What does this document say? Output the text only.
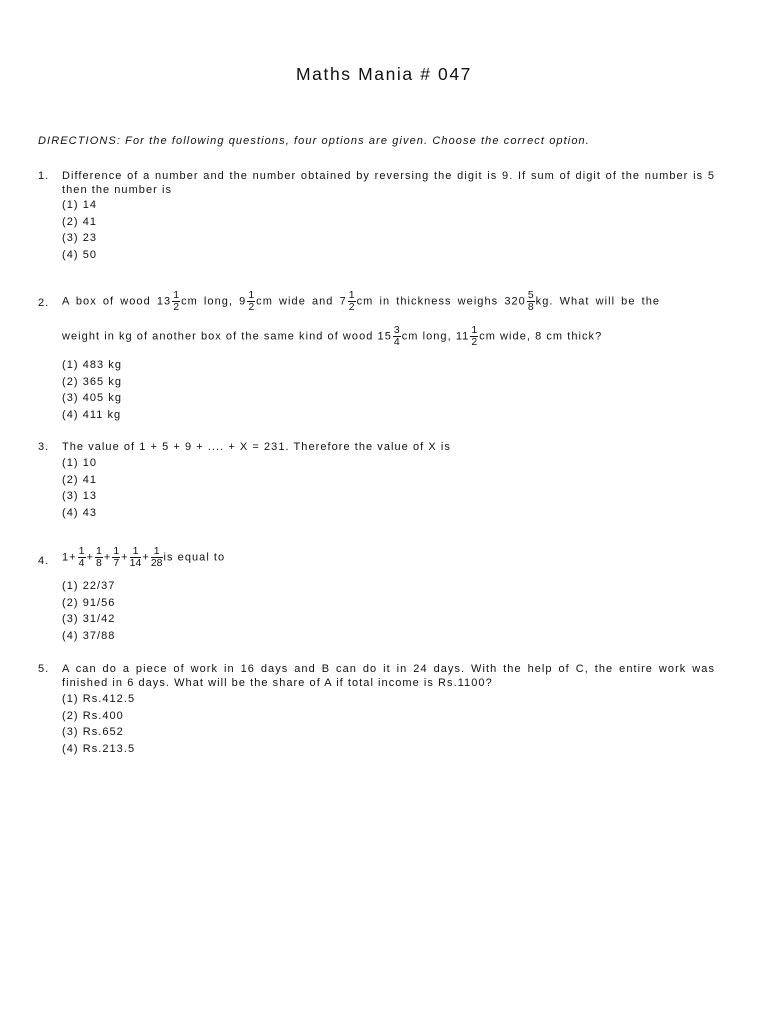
Maths Mania # 047
DIRECTIONS: For the following questions, four options are given. Choose the correct option.
1. Difference of a number and the number obtained by reversing the digit is 9. If sum of digit of the number is 5 then the number is
(1) 14
(2) 41
(3) 23
(4) 50
2. A box of wood $13 \frac{1}{2}$ cm long, $9 \frac{1}{2}$ cm wide and $7 \frac{1}{2}$ cm in thickness weighs $320 \frac{5}{8}$ kg. What will be the
weight in kg of another box of the same kind of wood $15 \frac{3}{4}$ cm long, $11 \frac{1}{2}$ cm wide, 8 cm thick?
(1) 483 kg
(2) 365 kg
(3) 405 kg
(4) 411 kg
3. The value of 1 + 5 + 9 + .... + X = 231. Therefore the value of X is
(1) 10
(2) 41
(3) 13
(4) 43
4. $1+ \frac{1}{4} + \frac{1}{8} + \frac{1}{7} + \frac{1}{14} + \frac{1}{28}$ is equal to
(1) 22/37
(2) 91/56
(3) 31/42
(4) 37/88
5. A can do a piece of work in 16 days and B can do it in 24 days. With the help of C, the entire work was finished in 6 days. What will be the share of A if total income is Rs.1100?
(1) Rs.412.5
(2) Rs.400
(3) Rs.652
(4) Rs.213.5
